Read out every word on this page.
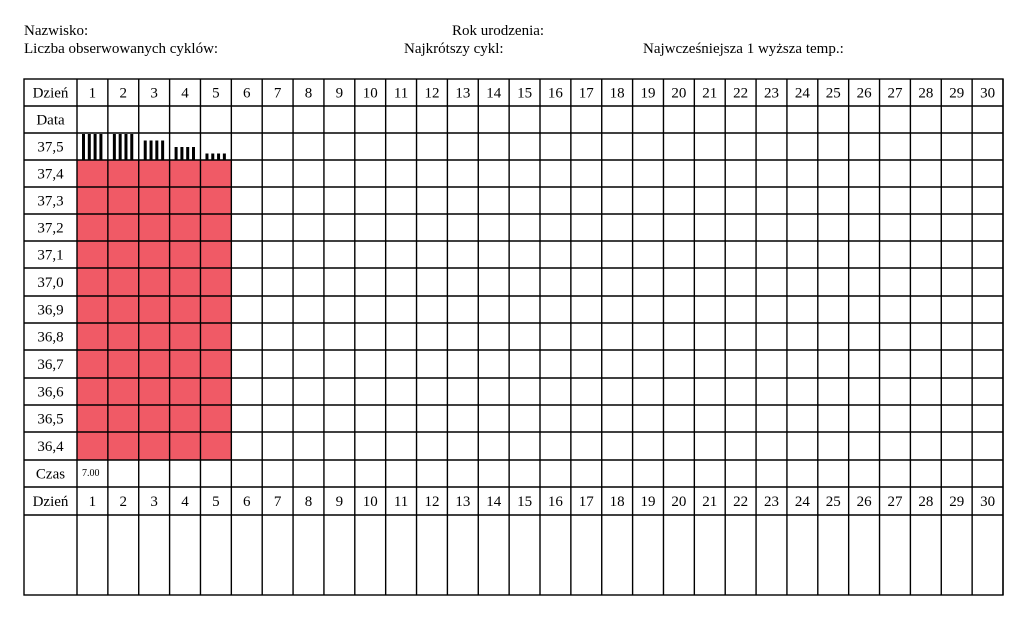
Nazwisko:	Rok urodzenia:
Liczba obserwowanych cyklów:	Najkrótszy cykl:	Najwcześniejsza 1 wyższa temp.:
Dzień 1 2 3 4 5 6 7 8 9 10 11 12 13 14 15 16 17 18 19 20 21 22 23 24 25 26 27 28 29 30
Data
37,5
37,4
37,3
37,2
37,1
37,0
36,9
36,8
36,7
36,6
36,5
36,4
Czas 7.00
Dzień 1 2 3 4 5 6 7 8 9 10 11 12 13 14 15 16 17 18 19 20 21 22 23 24 25 26 27 28 29 30
